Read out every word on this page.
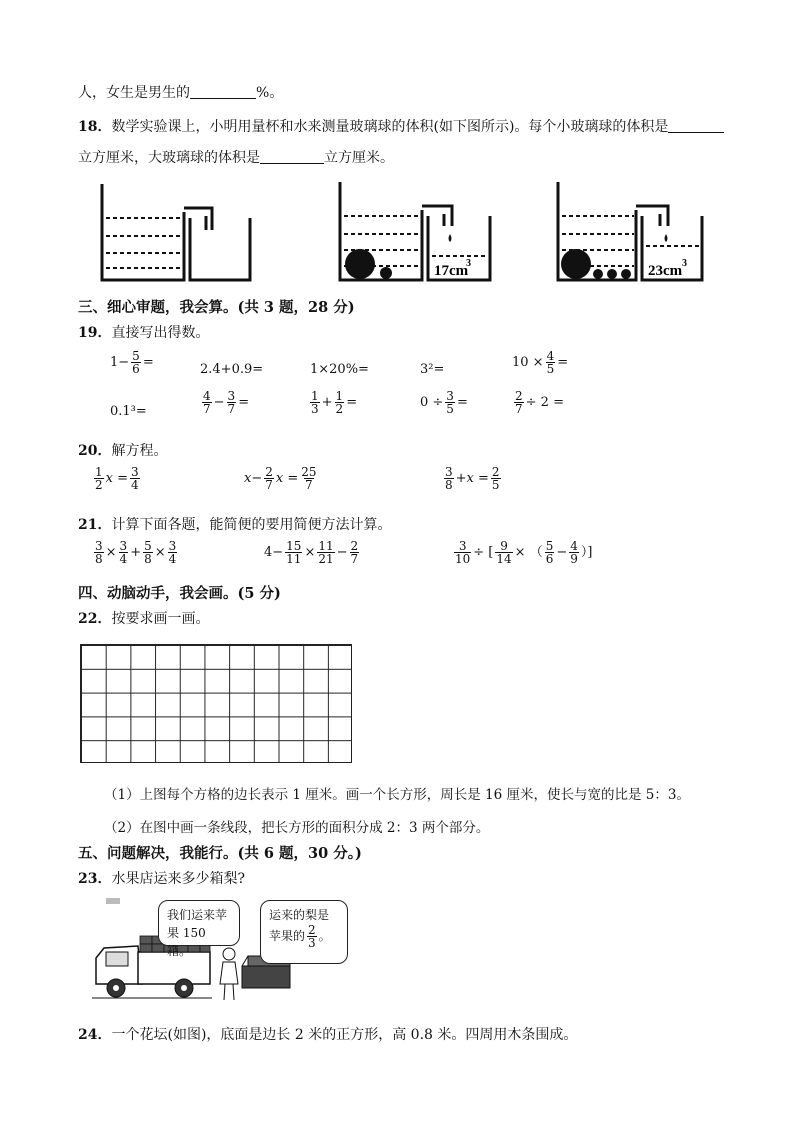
人，女生是男生的	%。
18．数学实验课上，小明用量杯和水来测量玻璃球的体积(如下图所示)。每个小玻璃球的体积是
立方厘米，大玻璃球的体积是	立方厘米。
17cm
3	23cm 3
三、细心审题，我会算。(共 3 题，28 分)
19．直接写出得数。
$1- \frac{5}{6}$ =	2.4+0.9=	1×20%=	3²=	$10 \times \frac{4}{5}$ =
0.1³=	$\frac{4}{7} - \frac{3}{7}$ =	$\frac{1}{3} + \frac{1}{2}$ =	$0 \div \frac{3}{5}$ =	$\frac{2}{7} \div 2$ =
20．解方程。
$\frac{1}{2}$ $x = \frac{3}{4}$	$x- \frac{2}{7}$ $x = \frac{25}{7}$	$\frac{3}{8} +x = \frac{2}{5}$
21．计算下面各题，能简便的要用简便方法计算。
$\frac{3}{8} \times \frac{3}{4} + \frac{5}{8} \times \frac{3}{4}$	$4- \frac{15}{11} \times \frac{11}{21} - \frac{2}{7}$	$\frac{3}{10}$ ÷ [ $\frac{9}{14}$ × （ $\frac{5}{6} - \frac{4}{9}$ ）]
四、动脑动手，我会画。(5 分)
22．按要求画一画。
（1）上图每个方格的边长表示 1 厘米。画一个长方形，周长是 16 厘米，使长与宽的比是 5：3。
（2）在图中画一条线段，把长方形的面积分成 2：3 两个部分。
五、问题解决，我能行。(共 6 题，30 分。)
23．水果店运来多少箱梨?
我们运来苹果 150 箱。
运来的梨是苹果的 $\frac{2}{3}$ 。
24．一个花坛(如图)，底面是边长 2 米的正方形，高 0.8 米。四周用木条围成。
